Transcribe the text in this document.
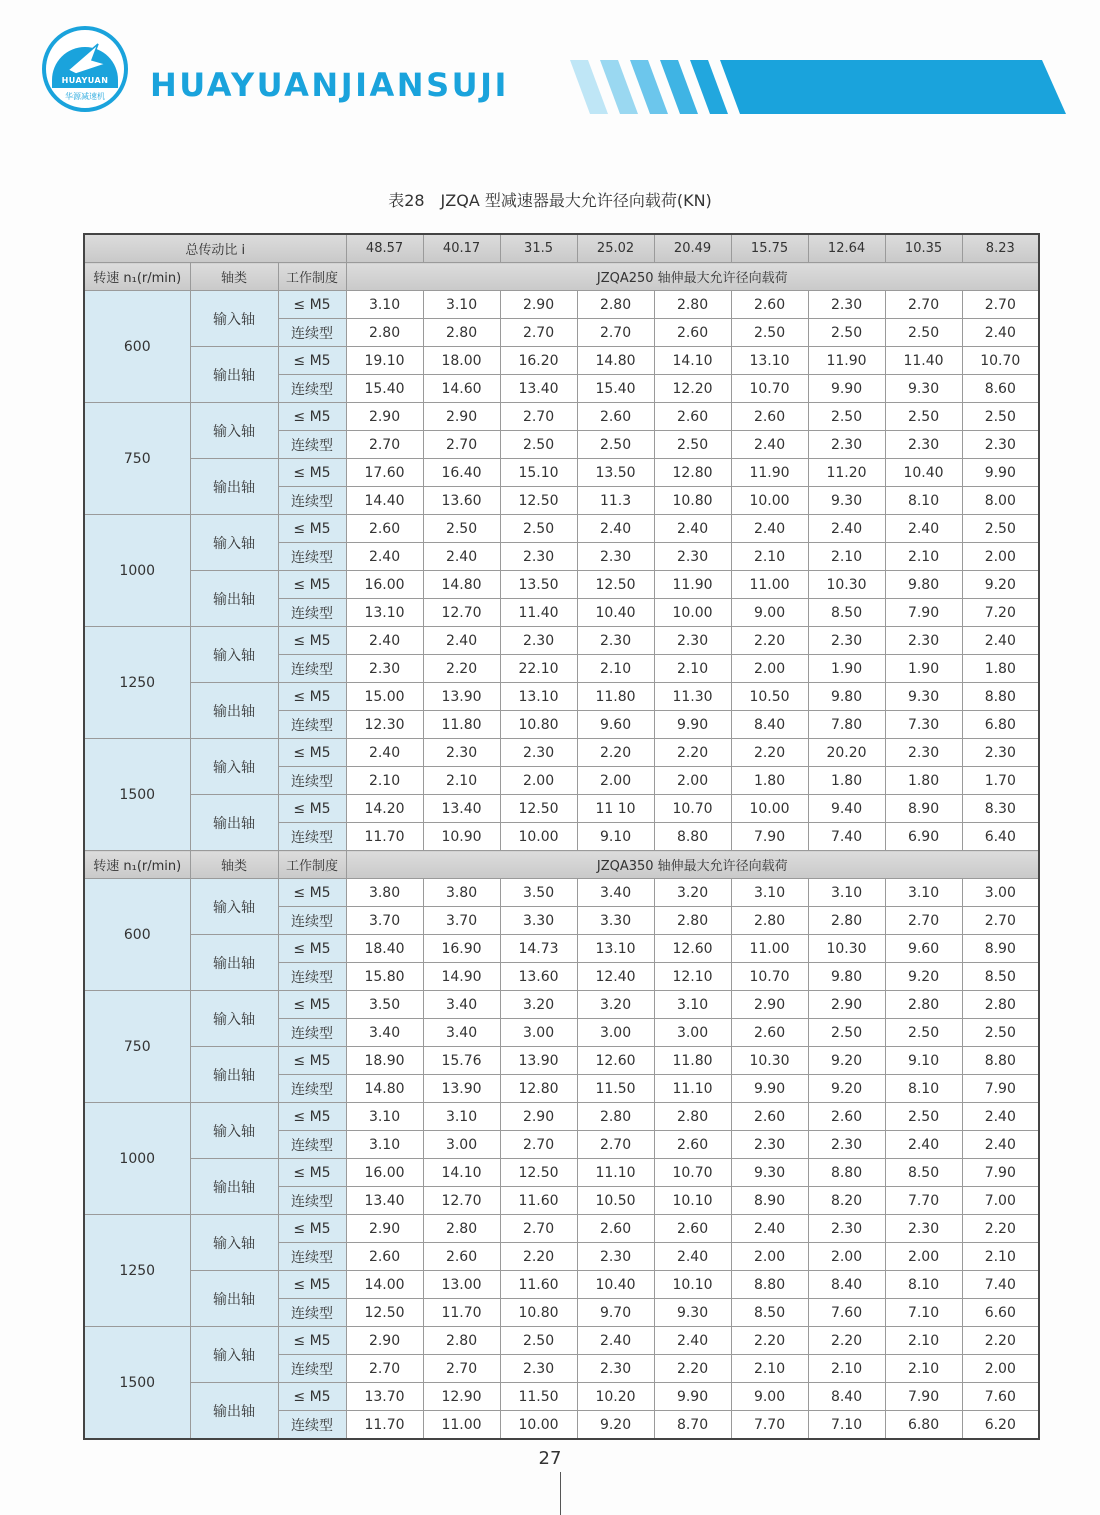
HUAYUAN
华源减速机	HUAYUANJIANSUJI
表28　JZQA 型减速器最大允许径向载荷(KN)
总传动比 i			48.57	40.17	31.5	25.02	20.49	15.75	12.64	10.35	8.23
转速 n₁(r/min)	轴类	工作制度	JZQA250 轴伸最大允许径向载荷								
600	输入轴	≤ M5	3.10	3.10	2.90	2.80	2.80	2.60	2.30	2.70	2.70
		连续型	2.80	2.80	2.70	2.70	2.60	2.50	2.50	2.50	2.40
	输出轴	≤ M5	19.10	18.00	16.20	14.80	14.10	13.10	11.90	11.40	10.70
		连续型	15.40	14.60	13.40	15.40	12.20	10.70	9.90	9.30	8.60
750	输入轴	≤ M5	2.90	2.90	2.70	2.60	2.60	2.60	2.50	2.50	2.50
		连续型	2.70	2.70	2.50	2.50	2.50	2.40	2.30	2.30	2.30
	输出轴	≤ M5	17.60	16.40	15.10	13.50	12.80	11.90	11.20	10.40	9.90
		连续型	14.40	13.60	12.50	11.3	10.80	10.00	9.30	8.10	8.00
1000	输入轴	≤ M5	2.60	2.50	2.50	2.40	2.40	2.40	2.40	2.40	2.50
		连续型	2.40	2.40	2.30	2.30	2.30	2.10	2.10	2.10	2.00
	输出轴	≤ M5	16.00	14.80	13.50	12.50	11.90	11.00	10.30	9.80	9.20
		连续型	13.10	12.70	11.40	10.40	10.00	9.00	8.50	7.90	7.20
1250	输入轴	≤ M5	2.40	2.40	2.30	2.30	2.30	2.20	2.30	2.30	2.40
		连续型	2.30	2.20	22.10	2.10	2.10	2.00	1.90	1.90	1.80
	输出轴	≤ M5	15.00	13.90	13.10	11.80	11.30	10.50	9.80	9.30	8.80
		连续型	12.30	11.80	10.80	9.60	9.90	8.40	7.80	7.30	6.80
1500	输入轴	≤ M5	2.40	2.30	2.30	2.20	2.20	2.20	20.20	2.30	2.30
		连续型	2.10	2.10	2.00	2.00	2.00	1.80	1.80	1.80	1.70
	输出轴	≤ M5	14.20	13.40	12.50	11 10	10.70	10.00	9.40	8.90	8.30
		连续型	11.70	10.90	10.00	9.10	8.80	7.90	7.40	6.90	6.40
转速 n₁(r/min)	轴类	工作制度	JZQA350 轴伸最大允许径向载荷								
600	输入轴	≤ M5	3.80	3.80	3.50	3.40	3.20	3.10	3.10	3.10	3.00
		连续型	3.70	3.70	3.30	3.30	2.80	2.80	2.80	2.70	2.70
	输出轴	≤ M5	18.40	16.90	14.73	13.10	12.60	11.00	10.30	9.60	8.90
		连续型	15.80	14.90	13.60	12.40	12.10	10.70	9.80	9.20	8.50
750	输入轴	≤ M5	3.50	3.40	3.20	3.20	3.10	2.90	2.90	2.80	2.80
		连续型	3.40	3.40	3.00	3.00	3.00	2.60	2.50	2.50	2.50
	输出轴	≤ M5	18.90	15.76	13.90	12.60	11.80	10.30	9.20	9.10	8.80
		连续型	14.80	13.90	12.80	11.50	11.10	9.90	9.20	8.10	7.90
1000	输入轴	≤ M5	3.10	3.10	2.90	2.80	2.80	2.60	2.60	2.50	2.40
		连续型	3.10	3.00	2.70	2.70	2.60	2.30	2.30	2.40	2.40
	输出轴	≤ M5	16.00	14.10	12.50	11.10	10.70	9.30	8.80	8.50	7.90
		连续型	13.40	12.70	11.60	10.50	10.10	8.90	8.20	7.70	7.00
1250	输入轴	≤ M5	2.90	2.80	2.70	2.60	2.60	2.40	2.30	2.30	2.20
		连续型	2.60	2.60	2.20	2.30	2.40	2.00	2.00	2.00	2.10
	输出轴	≤ M5	14.00	13.00	11.60	10.40	10.10	8.80	8.40	8.10	7.40
		连续型	12.50	11.70	10.80	9.70	9.30	8.50	7.60	7.10	6.60
1500	输入轴	≤ M5	2.90	2.80	2.50	2.40	2.40	2.20	2.20	2.10	2.20
		连续型	2.70	2.70	2.30	2.30	2.20	2.10	2.10	2.10	2.00
	输出轴	≤ M5	13.70	12.90	11.50	10.20	9.90	9.00	8.40	7.90	7.60
		连续型	11.70	11.00	10.00	9.20	8.70	7.70	7.10	6.80	6.20
27
